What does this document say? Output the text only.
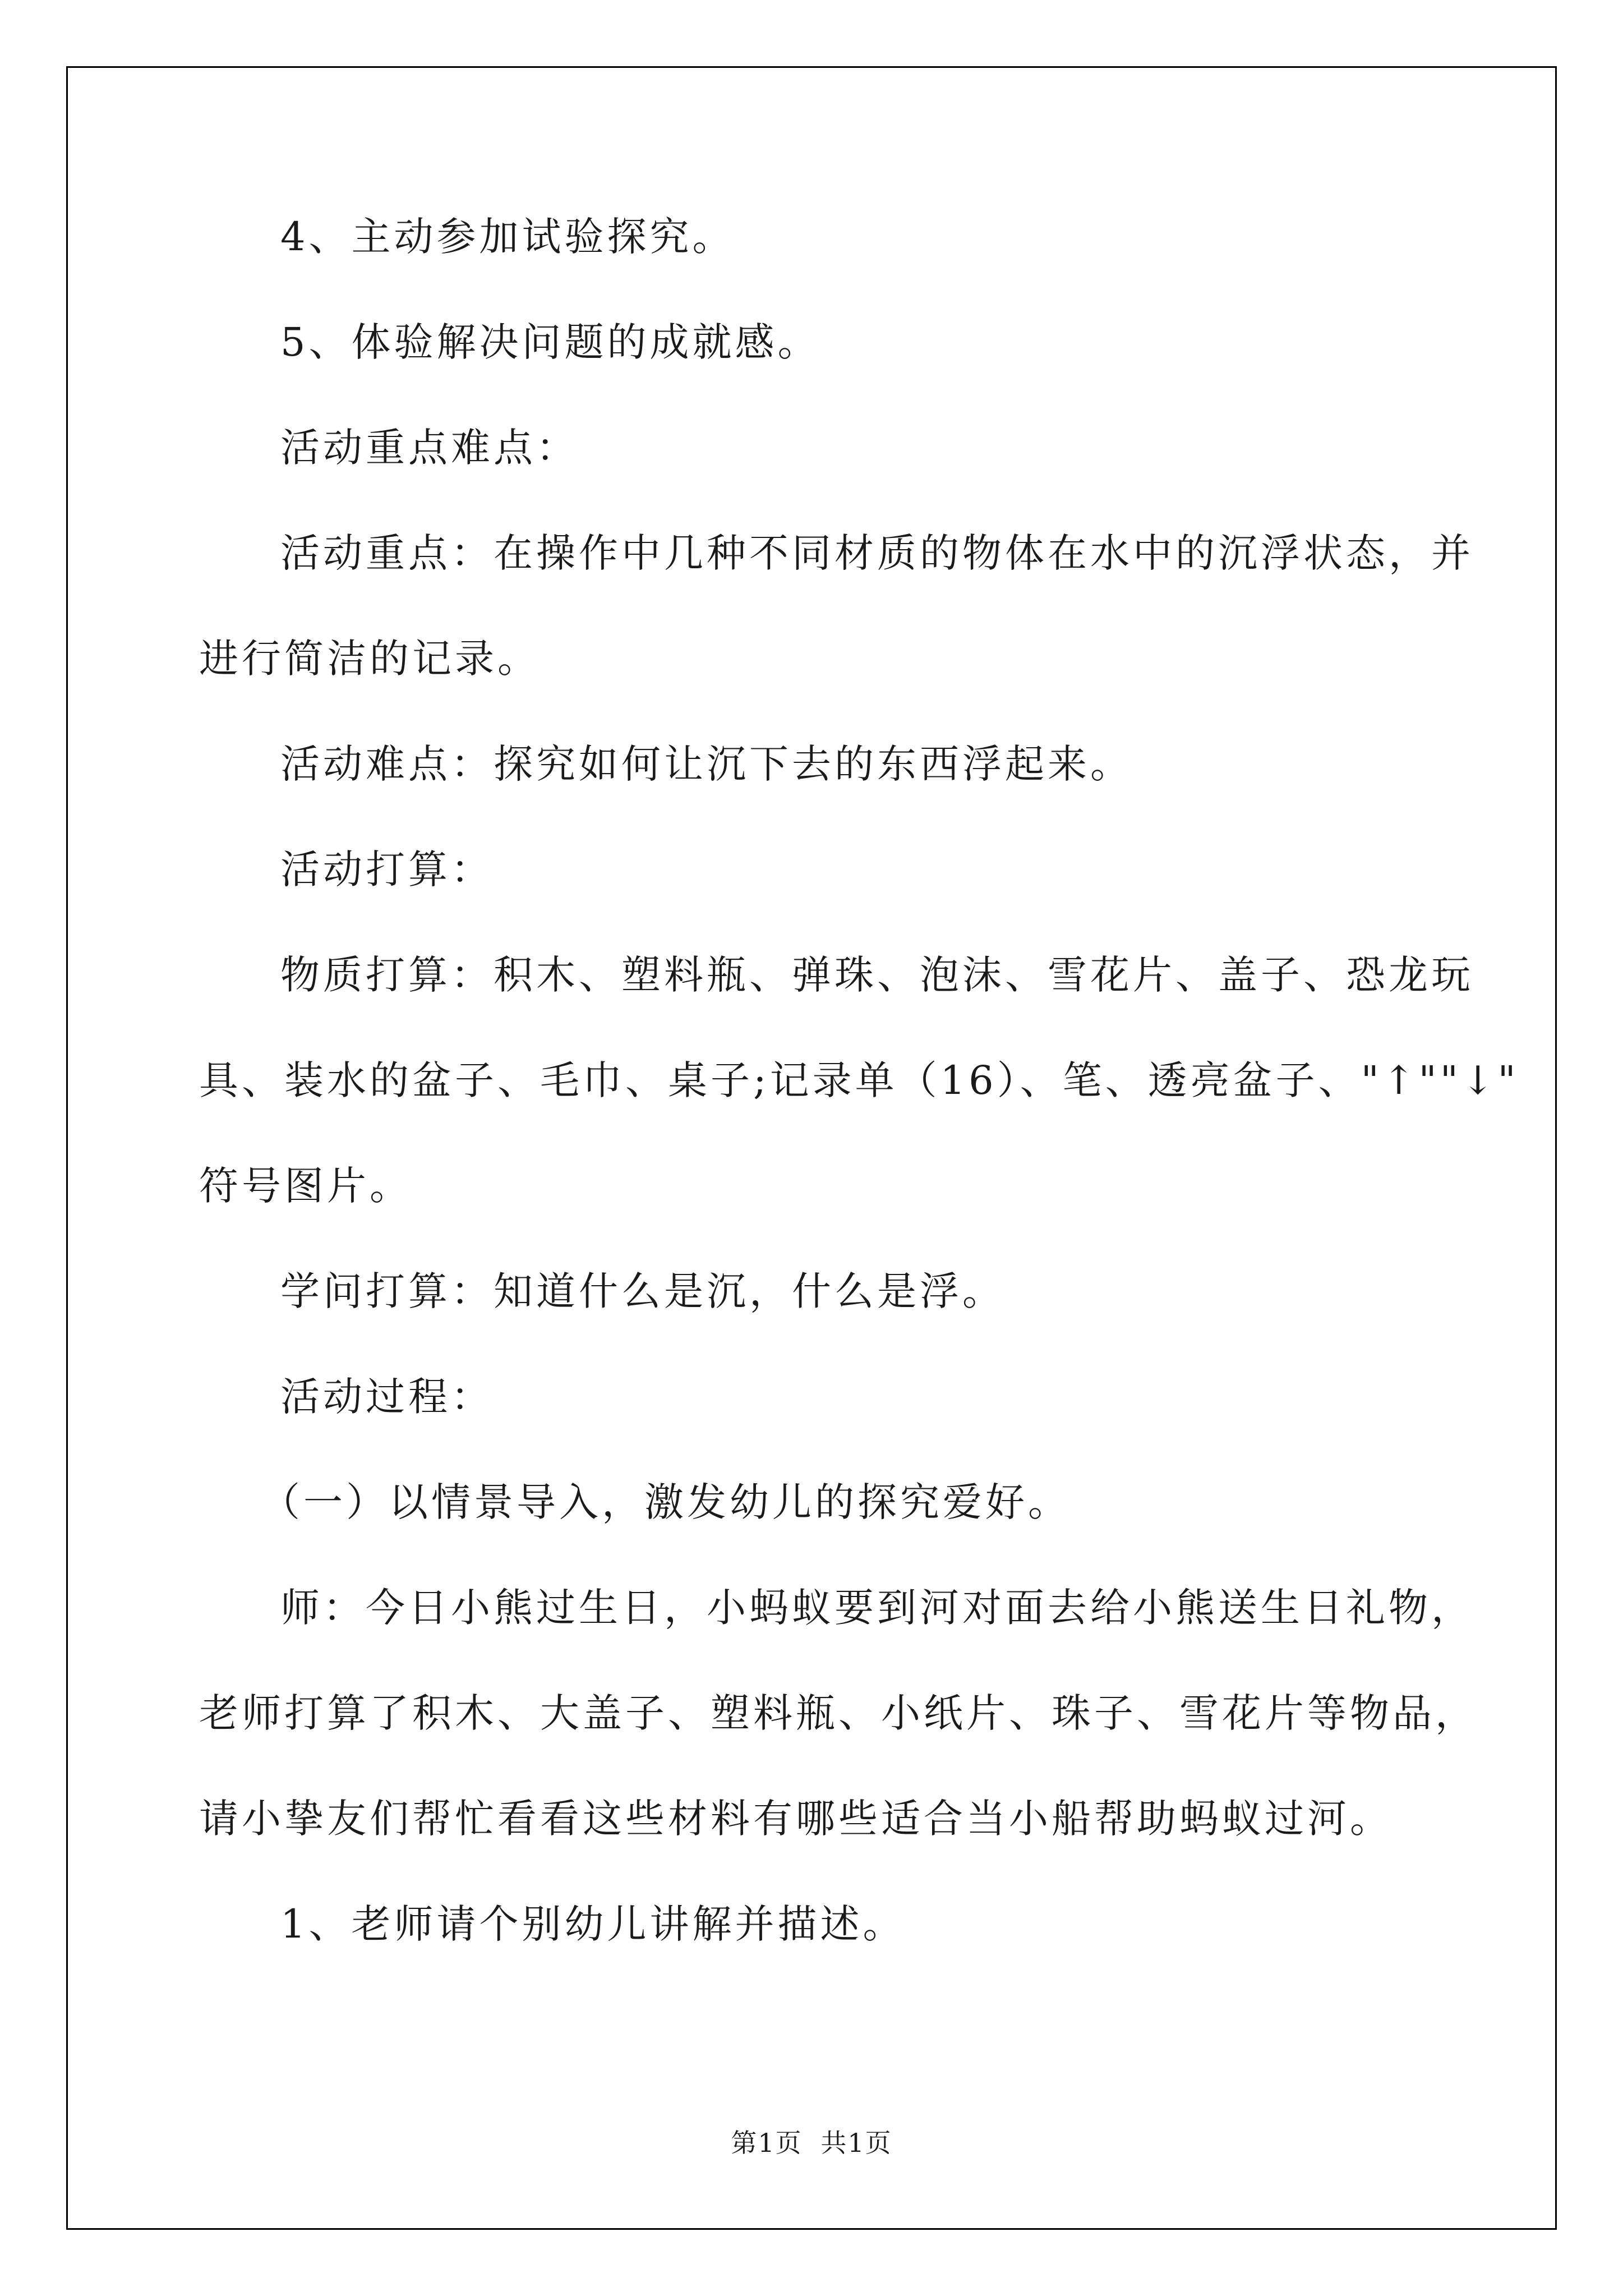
4、主动参加试验探究。

5、体验解决问题的成就感。

活动重点难点：

活动重点：在操作中几种不同材质的物体在水中的沉浮状态，并

进行简洁的记录。

活动难点：探究如何让沉下去的东西浮起来。

活动打算：

物质打算：积木、塑料瓶、弹珠、泡沫、雪花片、盖子、恐龙玩

具、装水的盆子、毛巾、桌子;记录单（16）、笔、透亮盆子、"↑""↓"

符号图片。

学问打算：知道什么是沉，什么是浮。

活动过程：

（一）以情景导入，激发幼儿的探究爱好。

师：今日小熊过生日，小蚂蚁要到河对面去给小熊送生日礼物，

老师打算了积木、大盖子、塑料瓶、小纸片、珠子、雪花片等物品，

请小挚友们帮忙看看这些材料有哪些适合当小船帮助蚂蚁过河。

1、老师请个别幼儿讲解并描述。

第1页 共1页
